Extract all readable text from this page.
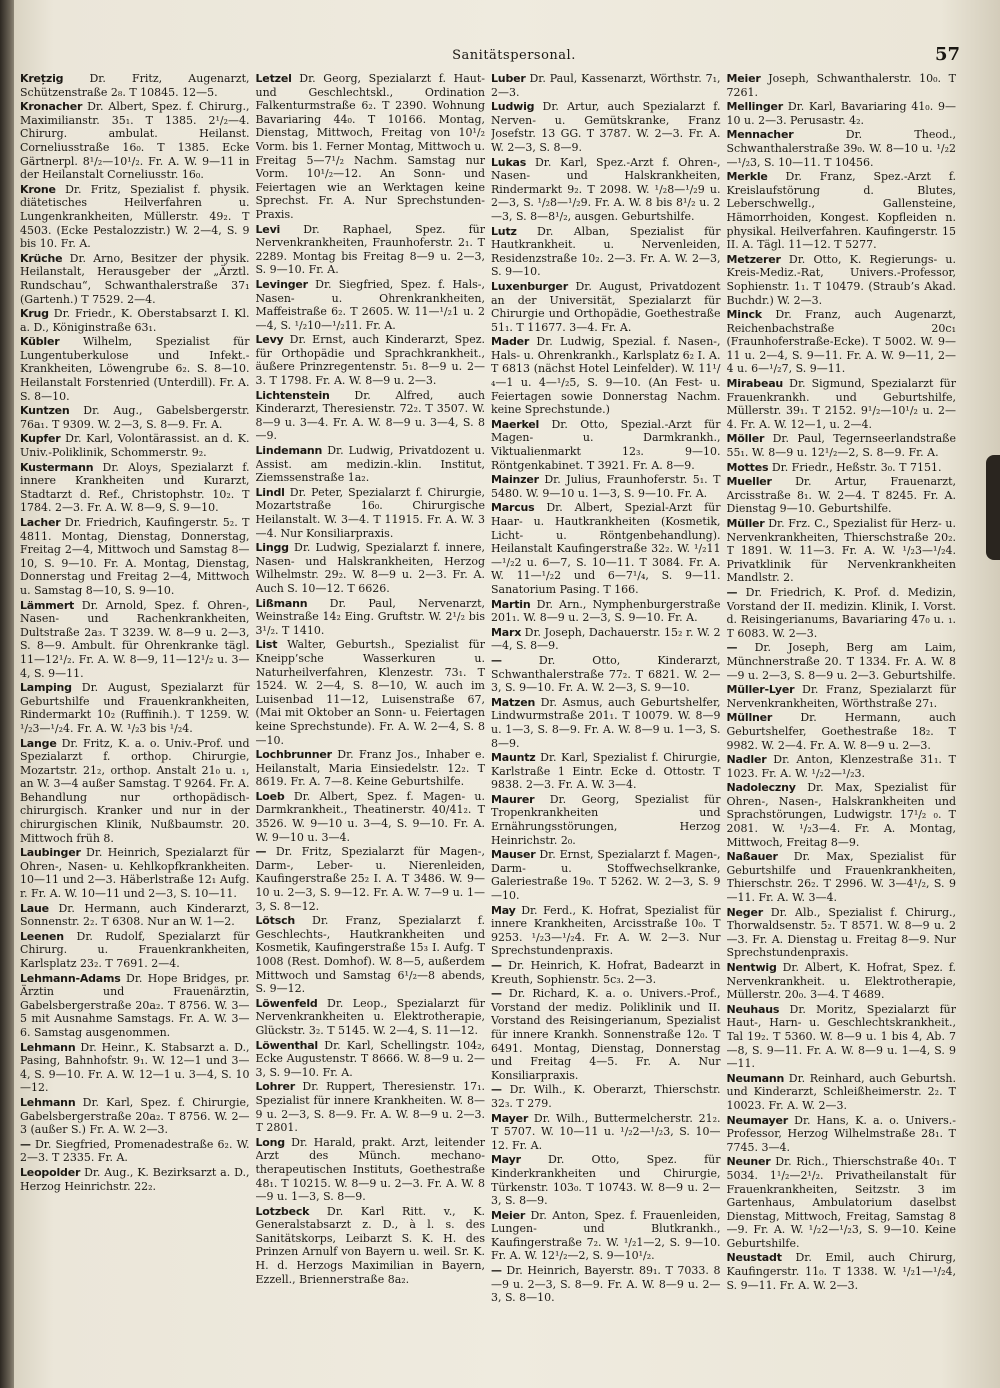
Sanitätspersonal.	57

Krețzig Dr. Fritz, Augenarzt, Schützenstraße 2₈. T 10845. 12—5.

Kronacher Dr. Albert, Spez. f. Chirurg., Maximilianstr. 35₁. T 1385. 2¹/₂—4. Chirurg. ambulat. Heilanst. Corneliusstraße 16₀. T 1385. Ecke Gärtnerpl. 8¹/₂—10¹/₂. Fr. A. W. 9—11 in der Heilanstalt Corneliusstr. 16₀.

Krone Dr. Fritz, Spezialist f. physik. diätetisches Heilverfahren u. Lungenkrankheiten, Müllerstr. 49₂. T 4503. (Ecke Pestalozzistr.) W. 2—4, S. 9 bis 10. Fr. A.

Krüche Dr. Arno, Besitzer der physik. Heilanstalt, Herausgeber der „Ärztl. Rundschau“, Schwanthalerstraße 37₁ (Gartenh.) T 7529. 2—4.

Krug Dr. Friedr., K. Oberstabsarzt I. Kl. a. D., Königinstraße 63₁.

Kübler Wilhelm, Spezialist für Lungentuberkulose und Infekt.-Krankheiten, Löwengrube 6₂. S. 8—10. Heilanstalt Forstenried (Unterdill). Fr. A. S. 8—10.

Kuntzen Dr. Aug., Gabelsbergerstr. 76a₁. T 9309. W. 2—3, S. 8—9. Fr. A.

Kupfer Dr. Karl, Volontärassist. an d. K. Univ.-Poliklinik, Schommerstr. 9₂.

Kustermann Dr. Aloys, Spezialarzt f. innere Krankheiten und Kurarzt, Stadtarzt d. Ref., Christophstr. 10₂. T 1784. 2—3. Fr. A. W. 8—9, S. 9—10.

Lacher Dr. Friedrich, Kaufingerstr. 5₂. T 4811. Montag, Dienstag, Donnerstag, Freitag 2—4, Mittwoch und Samstag 8—10, S. 9—10. Fr. A. Montag, Dienstag, Donnerstag und Freitag 2—4, Mittwoch u. Samstag 8—10, S. 9—10.

Lämmert Dr. Arnold, Spez. f. Ohren-, Nasen- und Rachenkrankheiten, Dultstraße 2a₃. T 3239. W. 8—9 u. 2—3, S. 8—9. Ambult. für Ohrenkranke tägl. 11—12¹/₂. Fr. A. W. 8—9, 11—12¹/₂ u. 3—4, S. 9—11.

Lamping Dr. August, Spezialarzt für Geburtshilfe und Frauenkrankheiten, Rindermarkt 10₂ (Ruffinih.). T 1259. W. ¹/₂3—¹/₂4. Fr. A. W. ¹/₂3 bis ¹/₂4.

Lange Dr. Fritz, K. a. o. Univ.-Prof. und Spezialarzt f. orthop. Chirurgie, Mozartstr. 21₂, orthop. Anstalt 21₀ u. ₁, an W. 3—4 außer Samstag. T 9264. Fr. A. Behandlung nur orthopädisch-chirurgisch. Kranker und nur in der chirurgischen Klinik, Nußbaumstr. 20. Mittwoch früh 8.

Laubinger Dr. Heinrich, Spezialarzt für Ohren-, Nasen- u. Kehlkopfkrankheiten. 10—11 und 2—3. Häberlstraße 12₁ Aufg. r. Fr. A. W. 10—11 und 2—3, S. 10—11.

Laue Dr. Hermann, auch Kinderarzt, Sonnenstr. 2₂. T 6308. Nur an W. 1—2.

Leenen Dr. Rudolf, Spezialarzt für Chirurg. u. Frauenkrankheiten, Karlsplatz 23₂. T 7691. 2—4.

Lehmann-Adams Dr. Hope Bridges, pr. Ärztin und Frauenärztin, Gabelsbergerstraße 20a₂. T 8756. W. 3—5 mit Ausnahme Samstags. Fr. A. W. 3—6. Samstag ausgenommen.

Lehmann Dr. Heinr., K. Stabsarzt a. D., Pasing, Bahnhofstr. 9₁. W. 12—1 und 3—4, S. 9—10. Fr. A. W. 12—1 u. 3—4, S. 10—12.

Lehmann Dr. Karl, Spez. f. Chirurgie, Gabelsbergerstraße 20a₂. T 8756. W. 2—3 (außer S.) Fr. A. W. 2—3.

— Dr. Siegfried, Promenadestraße 6₂. W. 2—3. T 2335. Fr. A.

Leopolder Dr. Aug., K. Bezirksarzt a. D., Herzog Heinrichstr. 22₂.

Letzel Dr. Georg, Spezialarzt f. Haut- und Geschlechtskl., Ordination Falkenturmstraße 6₂. T 2390. Wohnung Bavariaring 44₀. T 10166. Montag, Dienstag, Mittwoch, Freitag von 10¹/₂ Vorm. bis 1. Ferner Montag, Mittwoch u. Freitag 5—7¹/₂ Nachm. Samstag nur Vorm. 10¹/₂—12. An Sonn- und Feiertagen wie an Werktagen keine Sprechst. Fr. A. Nur Sprechstunden-Praxis.

Levi Dr. Raphael, Spez. für Nervenkrankheiten, Fraunhoferstr. 2₁. T 2289. Montag bis Freitag 8—9 u. 2—3, S. 9—10. Fr. A.

Levinger Dr. Siegfried, Spez. f. Hals-, Nasen- u. Ohrenkrankheiten, Maffeistraße 6₂. T 2605. W. 11—¹/₂1 u. 2—4, S. ¹/₂10—¹/₂11. Fr. A.

Levy Dr. Ernst, auch Kinderarzt, Spez. für Orthopädie und Sprachkrankheit., äußere Prinzregentenstr. 5₁. 8—9 u. 2—3. T 1798. Fr. A. W. 8—9 u. 2—3.

Lichtenstein Dr. Alfred, auch Kinderarzt, Theresienstr. 72₂. T 3507. W. 8—9 u. 3—4. Fr. A. W. 8—9 u. 3—4, S. 8—9.

Lindemann Dr. Ludwig, Privatdozent u. Assist. am medizin.-klin. Institut, Ziemssenstraße 1a₂.

Lindl Dr. Peter, Spezialarzt f. Chirurgie, Mozartstraße 16₀. Chirurgische Heilanstalt. W. 3—4. T 11915. Fr. A. W. 3—4. Nur Konsiliarpraxis.

Lingg Dr. Ludwig, Spezialarzt f. innere, Nasen- und Halskrankheiten, Herzog Wilhelmstr. 29₂. W. 8—9 u. 2—3. Fr. A. Auch S. 10—12. T 6626.

Lißmann Dr. Paul, Nervenarzt, Weinstraße 14₂ Eing. Gruftstr. W. 2¹/₂ bis 3¹/₂. T 1410.

List Walter, Geburtsh., Spezialist für Kneipp’sche Wasserkuren u. Naturheilverfahren, Klenzestr. 73₁. T 1524. W. 2—4, S. 8—10, W. auch im Luisenbad 11—12, Luisenstraße 67, (Mai mit Oktober an Sonn- u. Feiertagen keine Sprechstunde). Fr. A. W. 2—4, S. 8—10.

Lochbrunner Dr. Franz Jos., Inhaber e. Heilanstalt, Maria Einsiedelstr. 12₂. T 8619. Fr. A. 7—8. Keine Geburtshilfe.

Loeb Dr. Albert, Spez. f. Magen- u. Darmkrankheit., Theatinerstr. 40/41₂. T 3526. W. 9—10 u. 3—4, S. 9—10. Fr. A. W. 9—10 u. 3—4.

— Dr. Fritz, Spezialarzt für Magen-, Darm-, Leber- u. Nierenleiden, Kaufingerstraße 25₂ I. A. T 3486. W. 9—10 u. 2—3, S. 9—12. Fr. A. W. 7—9 u. 1—3, S. 8—12.

Lötsch Dr. Franz, Spezialarzt f. Geschlechts-, Hautkrankheiten und Kosmetik, Kaufingerstraße 15₃ I. Aufg. T 1008 (Rest. Domhof). W. 8—5, außerdem Mittwoch und Samstag 6¹/₂—8 abends, S. 9—12.

Löwenfeld Dr. Leop., Spezialarzt für Nervenkrankheiten u. Elektrotherapie, Glückstr. 3₂. T 5145. W. 2—4, S. 11—12.

Löwenthal Dr. Karl, Schellingstr. 104₂, Ecke Augustenstr. T 8666. W. 8—9 u. 2—3, S. 9—10. Fr. A.

Lohrer Dr. Ruppert, Theresienstr. 17₁. Spezialist für innere Krankheiten. W. 8—9 u. 2—3, S. 8—9. Fr. A. W. 8—9 u. 2—3. T 2801.

Long Dr. Harald, prakt. Arzt, leitender Arzt des Münch. mechano-therapeutischen Instituts, Goethestraße 48₁. T 10215. W. 8—9 u. 2—3. Fr. A. W. 8—9 u. 1—3, S. 8—9.

Lotzbeck Dr. Karl Ritt. v., K. Generalstabsarzt z. D., à l. s. des Sanitätskorps, Leibarzt S. K. H. des Prinzen Arnulf von Bayern u. weil. Sr. K. H. d. Herzogs Maximilian in Bayern, Ezzell., Briennerstraße 8a₂.

Luber Dr. Paul, Kassenarzt, Wörthstr. 7₁, 2—3.

Ludwig Dr. Artur, auch Spezialarzt f. Nerven- u. Gemütskranke, Franz Josefstr. 13 GG. T 3787. W. 2—3. Fr. A. W. 2—3, S. 8—9.

Lukas Dr. Karl, Spez.-Arzt f. Ohren-, Nasen- und Halskrankheiten, Rindermarkt 9₂. T 2098. W. ¹/₂8—¹/₂9 u. 2—3, S. ¹/₂8—¹/₂9. Fr. A. W. 8 bis 8¹/₂ u. 2—3, S. 8—8¹/₂, ausgen. Geburtshilfe.

Lutz Dr. Alban, Spezialist für Hautkrankheit. u. Nervenleiden, Residenzstraße 10₂. 2—3. Fr. A. W. 2—3, S. 9—10.

Luxenburger Dr. August, Privatdozent an der Universität, Spezialarzt für Chirurgie und Orthopädie, Goethestraße 51₁. T 11677. 3—4. Fr. A.

Mader Dr. Ludwig, Spezial. f. Nasen-, Hals- u. Ohrenkrankh., Karlsplatz 6₂ I. A. T 6813 (nächst Hotel Leinfelder). W. 11¹/₄—1 u. 4—¹/₂5, S. 9—10. (An Fest- u. Feiertagen sowie Donnerstag Nachm. keine Sprechstunde.)

Maerkel Dr. Otto, Spezial.-Arzt für Magen- u. Darmkrankh., Viktualienmarkt 12₃. 9—10. Röntgenkabinet. T 3921. Fr. A. 8—9.

Mainzer Dr. Julius, Fraunhoferstr. 5₁. T 5480. W. 9—10 u. 1—3, S. 9—10. Fr. A.

Marcus Dr. Albert, Spezial-Arzt für Haar- u. Hautkrankheiten (Kosmetik, Licht- u. Röntgenbehandlung). Heilanstalt Kaufingerstraße 32₂. W. ¹/₂11—¹/₂2 u. 6—7, S. 10—11. T 3084. Fr. A. W. 11—¹/₂2 und 6—7¹/₄, S. 9—11. Sanatorium Pasing. T 166.

Martin Dr. Arn., Nymphenburgerstraße 201₁. W. 8—9 u. 2—3, S. 9—10. Fr. A.

Marx Dr. Joseph, Dachauerstr. 15₂ r. W. 2—4, S. 8—9.

— Dr. Otto, Kinderarzt, Schwanthalerstraße 77₂. T 6821. W. 2—3, S. 9—10. Fr. A. W. 2—3, S. 9—10.

Matzen Dr. Asmus, auch Geburtshelfer, Lindwurmstraße 201₁. T 10079. W. 8—9 u. 1—3, S. 8—9. Fr. A. W. 8—9 u. 1—3, S. 8—9.

Mauntz Dr. Karl, Spezialist f. Chirurgie, Karlstraße 1 Eintr. Ecke d. Ottostr. T 9838. 2—3. Fr. A. W. 3—4.

Maurer Dr. Georg, Spezialist für Tropenkrankheiten und Ernährungsstörungen, Herzog Heinrichstr. 2₀.

Mauser Dr. Ernst, Spezialarzt f. Magen-, Darm- u. Stoffwechselkranke, Galeriestraße 19₀. T 5262. W. 2—3, S. 9—10.

May Dr. Ferd., K. Hofrat, Spezialist für innere Krankheiten, Arcisstraße 10₀. T 9253. ¹/₂3—¹/₂4. Fr. A. W. 2—3. Nur Sprechstundenpraxis.

— Dr. Heinrich, K. Hofrat, Badearzt in Kreuth, Sophienstr. 5c₃. 2—3.

— Dr. Richard, K. a. o. Univers.-Prof., Vorstand der mediz. Poliklinik und II. Vorstand des Reisingerianum, Spezialist für innere Krankh. Sonnenstraße 12₀. T 6491. Montag, Dienstag, Donnerstag und Freitag 4—5. Fr. A. Nur Konsiliarpraxis.

— Dr. Wilh., K. Oberarzt, Thierschstr. 32₃. T 279.

Mayer Dr. Wilh., Buttermelcherstr. 21₂. T 5707. W. 10—11 u. ¹/₂2—¹/₂3, S. 10—12. Fr. A.

Mayr Dr. Otto, Spez. für Kinderkrankheiten und Chirurgie, Türkenstr. 103₀. T 10743. W. 8—9 u. 2—3, S. 8—9.

Meier Dr. Anton, Spez. f. Frauenleiden, Lungen- und Blutkrankh., Kaufingerstraße 7₂. W. ¹/₂1—2, S. 9—10. Fr. A. W. 12¹/₂—2, S. 9—10¹/₂.

— Dr. Heinrich, Bayerstr. 89₁. T 7033. 8—9 u. 2—3, S. 8—9. Fr. A. W. 8—9 u. 2—3, S. 8—10.

Meier Joseph, Schwanthalerstr. 10₀. T 7261.

Mellinger Dr. Karl, Bavariaring 41₀. 9—10 u. 2—3. Perusastr. 4₂.

Mennacher Dr. Theod., Schwanthalerstraße 39₀. W. 8—10 u. ¹/₂2—¹/₂3, S. 10—11. T 10456.

Merkle Dr. Franz, Spez.-Arzt f. Kreislaufstörung d. Blutes, Leberschwellg., Gallensteine, Hämorrhoiden, Kongest. Kopfleiden n. physikal. Heilverfahren. Kaufingerstr. 15 II. A. Tägl. 11—12. T 5277.

Metzerer Dr. Otto, K. Regierungs- u. Kreis-Mediz.-Rat, Univers.-Professor, Sophienstr. 1₁. T 10479. (Straub’s Akad. Buchdr.) W. 2—3.

Minck Dr. Franz, auch Augenarzt, Reichenbachstraße 20c₁ (Fraunhoferstraße-Ecke). T 5002. W. 9—11 u. 2—4, S. 9—11. Fr. A. W. 9—11, 2—4 u. 6—¹/₂7, S. 9—11.

Mirabeau Dr. Sigmund, Spezialarzt für Frauenkrankh. und Geburtshilfe, Müllerstr. 39₁. T 2152. 9¹/₂—10¹/₂ u. 2—4. Fr. A. W. 12—1, u. 2—4.

Möller Dr. Paul, Tegernseerlandstraße 55₁. W. 8—9 u. 12¹/₂—2, S. 8—9. Fr. A.

Mottes Dr. Friedr., Heßstr. 3₀. T 7151.

Mueller Dr. Artur, Frauenarzt, Arcisstraße 8₁. W. 2—4. T 8245. Fr. A. Dienstag 9—10. Geburtshilfe.

Müller Dr. Frz. C., Spezialist für Herz- u. Nervenkrankheiten, Thierschstraße 20₂. T 1891. W. 11—3. Fr. A. W. ¹/₂3—¹/₂4. Privatklinik für Nervenkrankheiten Mandlstr. 2.

— Dr. Friedrich, K. Prof. d. Medizin, Vorstand der II. medizin. Klinik, I. Vorst. d. Reisingerianums, Bavariaring 47₀ u. ₁. T 6083. W. 2—3.

— Dr. Joseph, Berg am Laim, Münchnerstraße 20. T 1334. Fr. A. W. 8—9 u. 2—3, S. 8—9 u. 2—3. Geburtshilfe.

Müller-Lyer Dr. Franz, Spezialarzt für Nervenkrankheiten, Wörthstraße 27₁.

Müllner Dr. Hermann, auch Geburtshelfer, Goethestraße 18₂. T 9982. W. 2—4. Fr. A. W. 8—9 u. 2—3.

Nadler Dr. Anton, Klenzestraße 31₁. T 1023. Fr. A. W. ¹/₂2—¹/₂3.

Nadoleczny Dr. Max, Spezialist für Ohren-, Nasen-, Halskrankheiten und Sprachstörungen, Ludwigstr. 17¹/₂ ₀. T 2081. W. ¹/₂3—4. Fr. A. Montag, Mittwoch, Freitag 8—9.

Naßauer Dr. Max, Spezialist für Geburtshilfe und Frauenkrankheiten, Thierschstr. 26₂. T 2996. W. 3—4¹/₂, S. 9—11. Fr. A. W. 3—4.

Neger Dr. Alb., Spezialist f. Chirurg., Thorwaldsenstr. 5₂. T 8571. W. 8—9 u. 2—3. Fr. A. Dienstag u. Freitag 8—9. Nur Sprechstundenpraxis.

Nentwig Dr. Albert, K. Hofrat, Spez. f. Nervenkrankheit. u. Elektrotherapie, Müllerstr. 20₀. 3—4. T 4689.

Neuhaus Dr. Moritz, Spezialarzt für Haut-, Harn- u. Geschlechtskrankheit., Tal 19₂. T 5360. W. 8—9 u. 1 bis 4, Ab. 7—8, S. 9—11. Fr. A. W. 8—9 u. 1—4, S. 9—11.

Neumann Dr. Reinhard, auch Geburtsh. und Kinderarzt, Schleißheimerstr. 2₂. T 10023. Fr. A. W. 2—3.

Neumayer Dr. Hans, K. a. o. Univers.-Professor, Herzog Wilhelmstraße 28₁. T 7745. 3—4.

Neuner Dr. Rich., Thierschstraße 40₁. T 5034. 1¹/₂—2¹/₂. Privatheilanstalt für Frauenkrankheiten, Seitzstr. 3 im Gartenhaus, Ambulatorium daselbst Dienstag, Mittwoch, Freitag, Samstag 8—9. Fr. A. W. ¹/₂2—¹/₂3, S. 9—10. Keine Geburtshilfe.

Neustadt Dr. Emil, auch Chirurg, Kaufingerstr. 11₀. T 1338. W. ¹/₂1—¹/₂4, S. 9—11. Fr. A. W. 2—3.
